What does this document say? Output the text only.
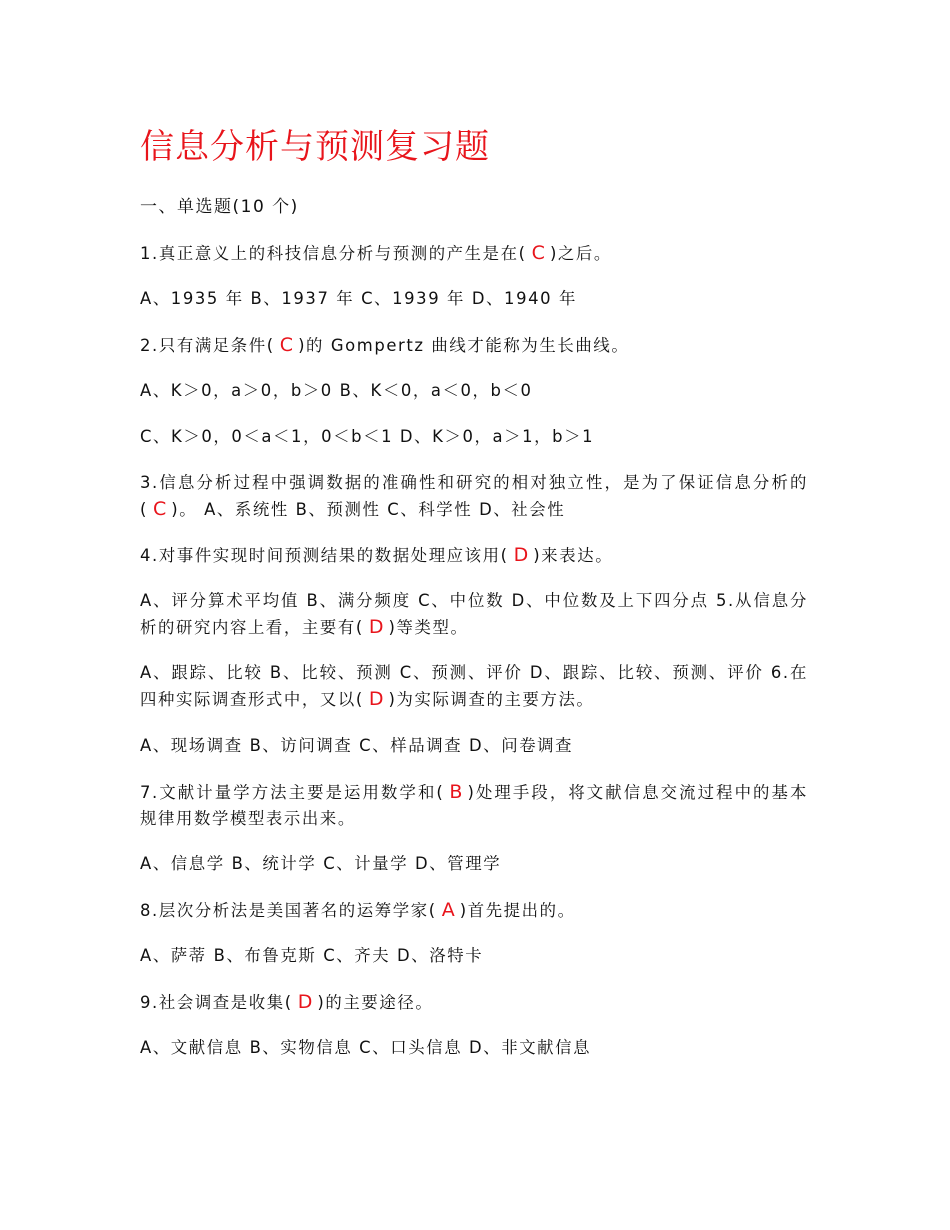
信息分析与预测复习题

一、单选题(10 个)

1.真正意义上的科技信息分析与预测的产生是在( C )之后。

A、1935 年 B、1937 年 C、1939 年 D、1940 年

2.只有满足条件( C )的 Gompertz 曲线才能称为生长曲线。

A、K＞0，a＞0，b＞0 B、K＜0，a＜0，b＜0

C、K＞0，0＜a＜1，0＜b＜1 D、K＞0，a＞1，b＞1

3.信息分析过程中强调数据的准确性和研究的相对独立性，是为了保证信息分析的( C )。 A、系统性 B、预测性 C、科学性 D、社会性

4.对事件实现时间预测结果的数据处理应该用( D )来表达。

A、评分算术平均值 B、满分频度 C、中位数 D、中位数及上下四分点 5.从信息分析的研究内容上看，主要有( D )等类型。

A、跟踪、比较 B、比较、预测 C、预测、评价 D、跟踪、比较、预测、评价 6.在四种实际调查形式中，又以( D )为实际调查的主要方法。

A、现场调查 B、访问调查 C、样品调查 D、问卷调查

7.文献计量学方法主要是运用数学和( B )处理手段，将文献信息交流过程中的基本规律用数学模型表示出来。

A、信息学 B、统计学 C、计量学 D、管理学

8.层次分析法是美国著名的运筹学家( A )首先提出的。

A、萨蒂 B、布鲁克斯 C、齐夫 D、洛特卡

9.社会调查是收集( D )的主要途径。

A、文献信息 B、实物信息 C、口头信息 D、非文献信息
